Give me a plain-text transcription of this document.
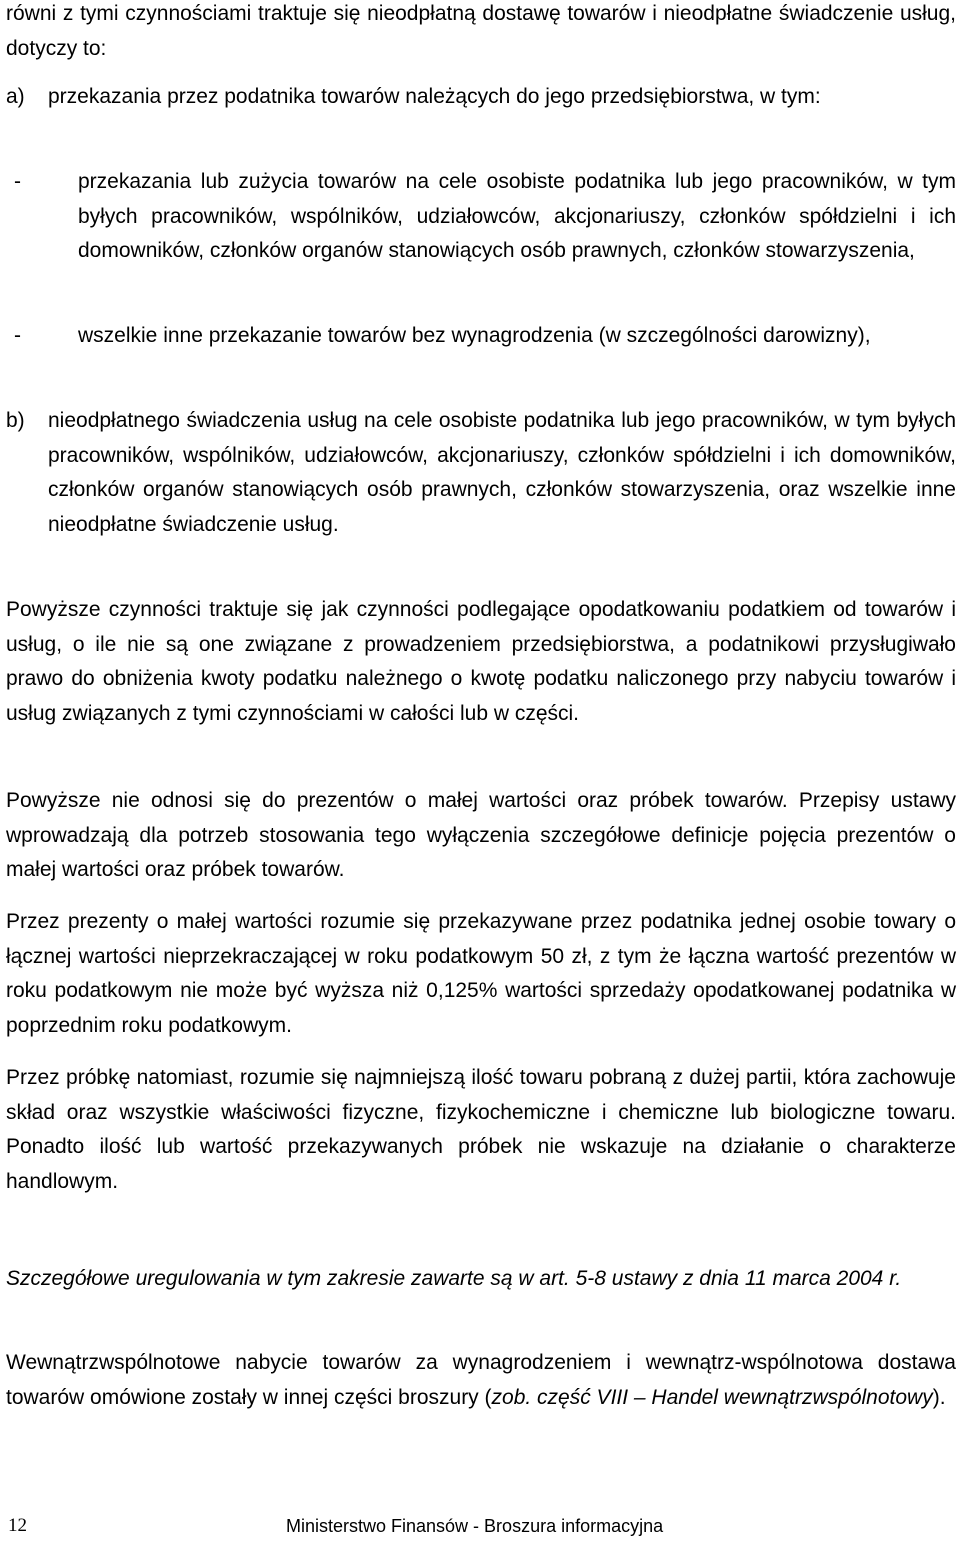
równi z tymi czynnościami traktuje się nieodpłatną dostawę towarów i nieodpłatne świadczenie usług, dotyczy to:

a)	przekazania przez podatnika towarów należących do jego przedsiębiorstwa, w tym:
-	przekazania lub zużycia towarów na cele osobiste podatnika lub jego pracowników, w tym byłych pracowników, wspólników, udziałowców, akcjonariuszy, członków spółdzielni i ich domowników, członków organów stanowiących osób prawnych, członków stowarzyszenia,
-	wszelkie inne przekazanie towarów bez wynagrodzenia (w szczególności darowizny),
b)	nieodpłatnego świadczenia usług na cele osobiste podatnika lub jego pracowników, w tym byłych pracowników, wspólników, udziałowców, akcjonariuszy, członków spółdzielni i ich domowników, członków organów stanowiących osób prawnych, członków stowarzyszenia, oraz wszelkie inne nieodpłatne świadczenie usług.

Powyższe czynności traktuje się jak czynności podlegające opodatkowaniu podatkiem od towarów i usług, o ile nie są one związane z prowadzeniem przedsiębiorstwa, a podatnikowi przysługiwało prawo do obniżenia kwoty podatku należnego o kwotę podatku naliczonego przy nabyciu towarów i usług związanych z tymi czynnościami w całości lub w części.

Powyższe nie odnosi się do prezentów o małej wartości oraz próbek towarów. Przepisy ustawy wprowadzają dla potrzeb stosowania tego wyłączenia szczegółowe definicje pojęcia prezentów o małej wartości oraz próbek towarów.

Przez prezenty o małej wartości rozumie się przekazywane przez podatnika jednej osobie towary o łącznej wartości nieprzekraczającej w roku podatkowym 50 zł, z tym że łączna wartość prezentów w roku podatkowym nie może być wyższa niż 0,125% wartości sprzedaży opodatkowanej podatnika w poprzednim roku podatkowym.

Przez próbkę natomiast, rozumie się najmniejszą ilość towaru pobraną z dużej partii, która zachowuje skład oraz wszystkie właściwości fizyczne, fizykochemiczne i chemiczne lub biologiczne towaru. Ponadto ilość lub wartość przekazywanych próbek nie wskazuje na działanie o charakterze handlowym.

Szczegółowe uregulowania w tym zakresie zawarte są w art. 5-8 ustawy z dnia 11 marca 2004 r.

Wewnątrzwspólnotowe nabycie towarów za wynagrodzeniem i wewnątrz-wspólnotowa dostawa towarów omówione zostały w innej części broszury (zob. część VIII – Handel wewnątrzwspólnotowy).

12	Ministerstwo Finansów - Broszura informacyjna
